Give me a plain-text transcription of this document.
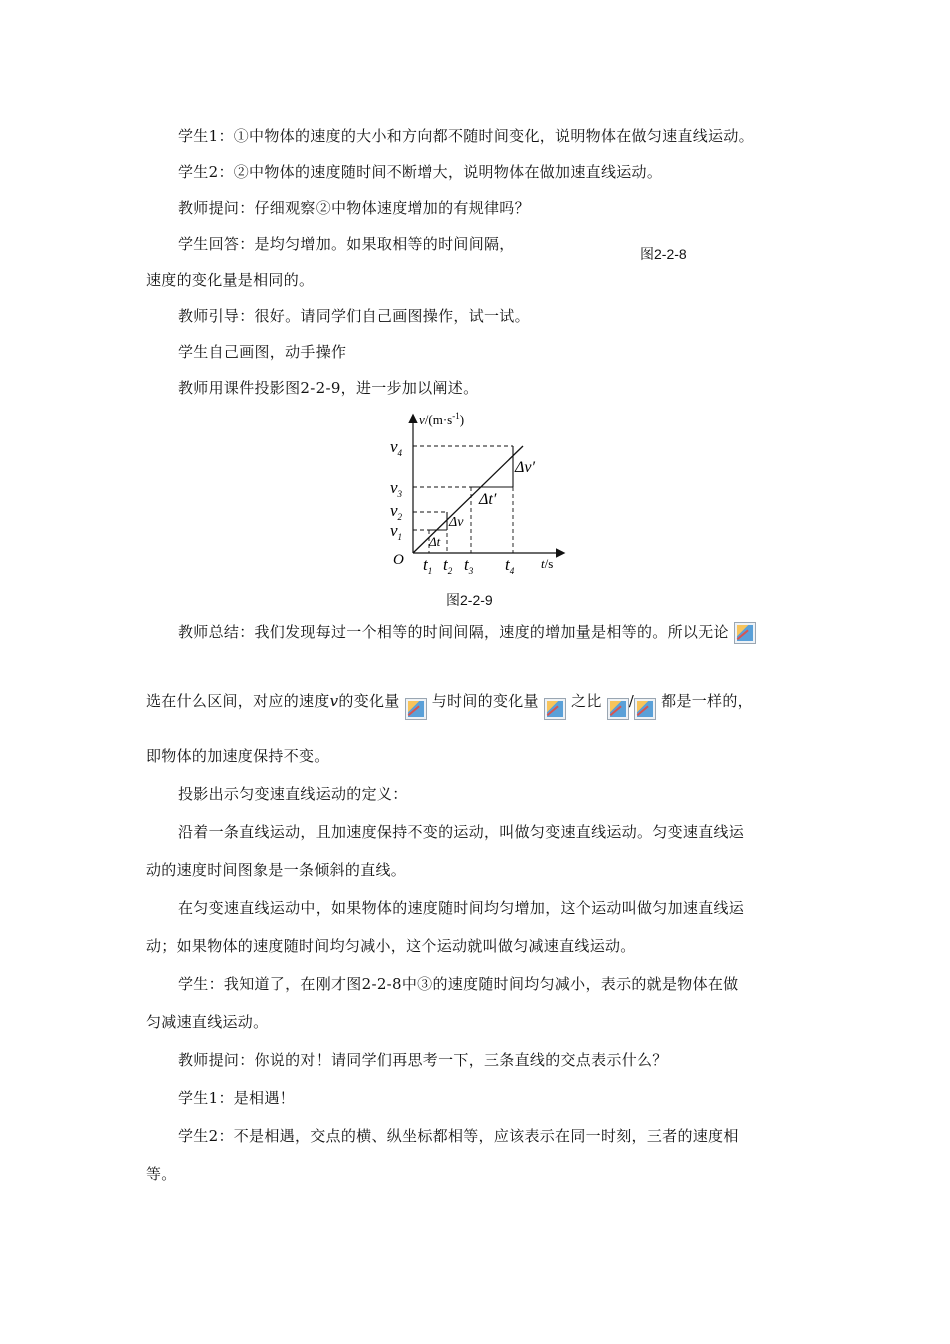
学生1：①中物体的速度的大小和方向都不随时间变化，说明物体在做匀速直线运动。
学生2：②中物体的速度随时间不断增大，说明物体在做加速直线运动。
教师提问：仔细观察②中物体速度增加的有规律吗？
学生回答：是均匀增加。如果取相等的时间间隔，
图2-2-8
速度的变化量是相同的。
教师引导：很好。请同学们自己画图操作，试一试。
学生自己画图，动手操作
教师用课件投影图2-2-9，进一步加以阐述。
$v/(m\cdot s^{-1})$
$v_4$
$v_3$
$v_2$
$v_1$
O $t_1$ $t_2$ $t_3$ $t_4$ t/s
Δv
Δt
Δv′
Δt′
图2-2-9
教师总结：我们发现每过一个相等的时间间隔，速度的增加量是相等的。所以无论
选在什么区间，对应的速度v的变化量 与时间的变化量 之比 / 都是一样的，
即物体的加速度保持不变。
投影出示匀变速直线运动的定义：
沿着一条直线运动，且加速度保持不变的运动，叫做匀变速直线运动。匀变速直线运
动的速度时间图象是一条倾斜的直线。
在匀变速直线运动中，如果物体的速度随时间均匀增加，这个运动叫做匀加速直线运
动；如果物体的速度随时间均匀减小，这个运动就叫做匀减速直线运动。
学生：我知道了，在刚才图2-2-8中③的速度随时间均匀减小，表示的就是物体在做
匀减速直线运动。
教师提问：你说的对！请同学们再思考一下，三条直线的交点表示什么？
学生1：是相遇！
学生2：不是相遇，交点的横、纵坐标都相等，应该表示在同一时刻，三者的速度相
等。
